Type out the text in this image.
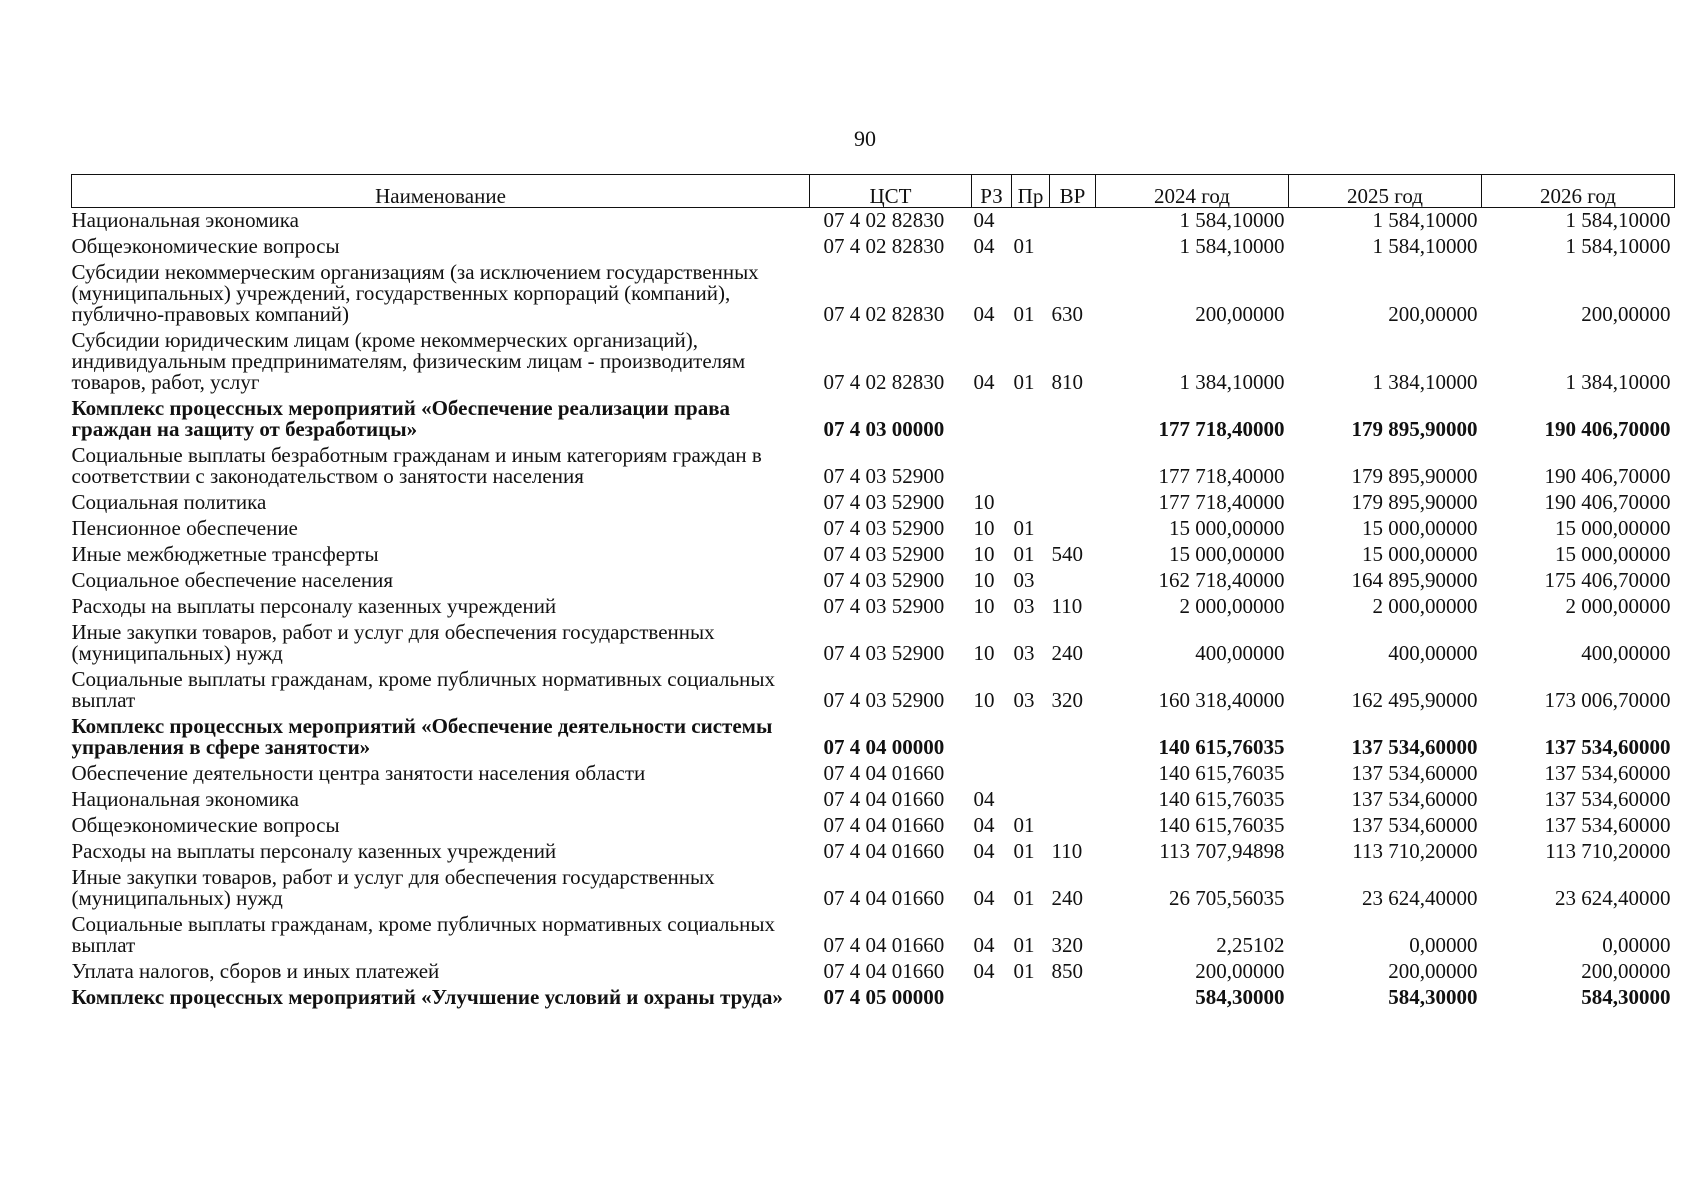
90
Наименование	ЦСТ	РЗ	Пр	ВР	2024 год	2025 год	2026 год
Национальная экономика	07 4 02 82830	04			1 584,10000	1 584,10000	1 584,10000
Общеэкономические вопросы	07 4 02 82830	04	01		1 584,10000	1 584,10000	1 584,10000
Субсидии некоммерческим организациям (за исключением государственных (муниципальных) учреждений, государственных корпораций (компаний), публично-правовых компаний)	07 4 02 82830	04	01	630	200,00000	200,00000	200,00000
Субсидии юридическим лицам (кроме некоммерческих организаций), индивидуальным предпринимателям, физическим лицам - производителям товаров, работ, услуг	07 4 02 82830	04	01	810	1 384,10000	1 384,10000	1 384,10000
Комплекс процессных мероприятий «Обеспечение реализации права граждан на защиту от безработицы»	07 4 03 00000				177 718,40000	179 895,90000	190 406,70000
Социальные выплаты безработным гражданам и иным категориям граждан в соответствии с законодательством о занятости населения	07 4 03 52900				177 718,40000	179 895,90000	190 406,70000
Социальная политика	07 4 03 52900	10			177 718,40000	179 895,90000	190 406,70000
Пенсионное обеспечение	07 4 03 52900	10	01		15 000,00000	15 000,00000	15 000,00000
Иные межбюджетные трансферты	07 4 03 52900	10	01	540	15 000,00000	15 000,00000	15 000,00000
Социальное обеспечение населения	07 4 03 52900	10	03		162 718,40000	164 895,90000	175 406,70000
Расходы на выплаты персоналу казенных учреждений	07 4 03 52900	10	03	110	2 000,00000	2 000,00000	2 000,00000
Иные закупки товаров, работ и услуг для обеспечения государственных (муниципальных) нужд	07 4 03 52900	10	03	240	400,00000	400,00000	400,00000
Социальные выплаты гражданам, кроме публичных нормативных социальных выплат	07 4 03 52900	10	03	320	160 318,40000	162 495,90000	173 006,70000
Комплекс процессных мероприятий «Обеспечение деятельности системы управления в сфере занятости»	07 4 04 00000				140 615,76035	137 534,60000	137 534,60000
Обеспечение деятельности центра занятости населения области	07 4 04 01660				140 615,76035	137 534,60000	137 534,60000
Национальная экономика	07 4 04 01660	04			140 615,76035	137 534,60000	137 534,60000
Общеэкономические вопросы	07 4 04 01660	04	01		140 615,76035	137 534,60000	137 534,60000
Расходы на выплаты персоналу казенных учреждений	07 4 04 01660	04	01	110	113 707,94898	113 710,20000	113 710,20000
Иные закупки товаров, работ и услуг для обеспечения государственных (муниципальных) нужд	07 4 04 01660	04	01	240	26 705,56035	23 624,40000	23 624,40000
Социальные выплаты гражданам, кроме публичных нормативных социальных выплат	07 4 04 01660	04	01	320	2,25102	0,00000	0,00000
Уплата налогов, сборов и иных платежей	07 4 04 01660	04	01	850	200,00000	200,00000	200,00000
Комплекс процессных мероприятий «Улучшение условий и охраны труда»	07 4 05 00000				584,30000	584,30000	584,30000
